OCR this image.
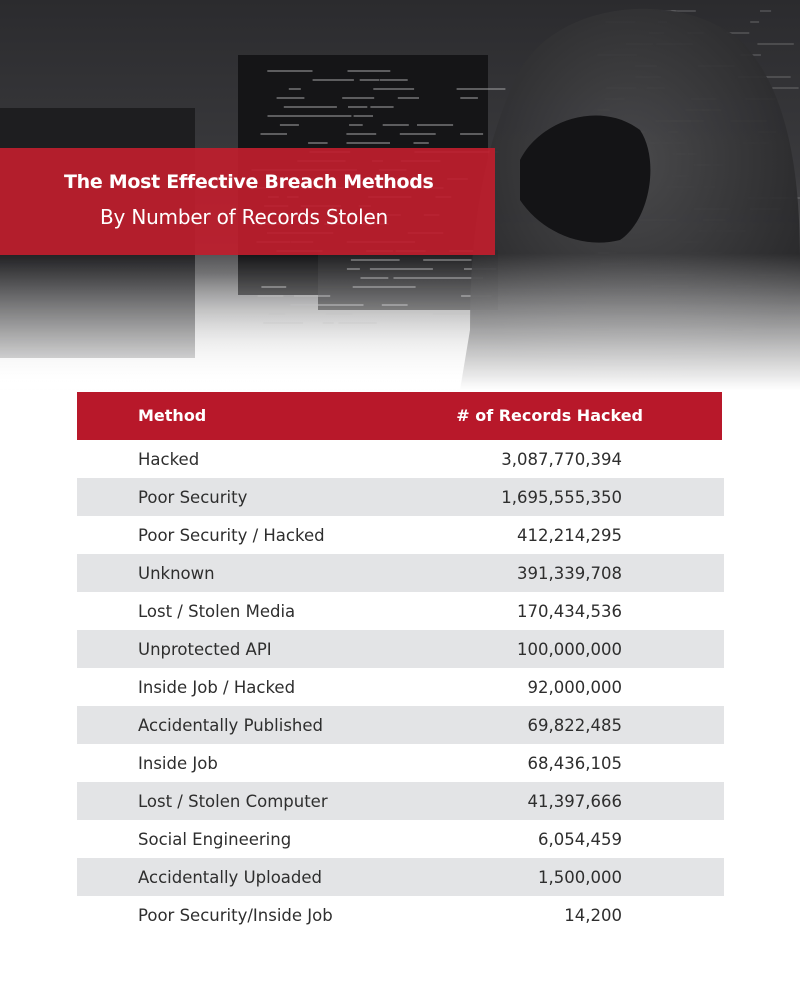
The Most Effective Breach Methods
By Number of Records Stolen
Method	# of Records Hacked
Hacked	3,087,770,394
Poor Security	1,695,555,350
Poor Security / Hacked	412,214,295
Unknown	391,339,708
Lost / Stolen Media	170,434,536
Unprotected API	100,000,000
Inside Job / Hacked	92,000,000
Accidentally Published	69,822,485
Inside Job	68,436,105
Lost / Stolen Computer	41,397,666
Social Engineering	6,054,459
Accidentally Uploaded	1,500,000
Poor Security/Inside Job	14,200
